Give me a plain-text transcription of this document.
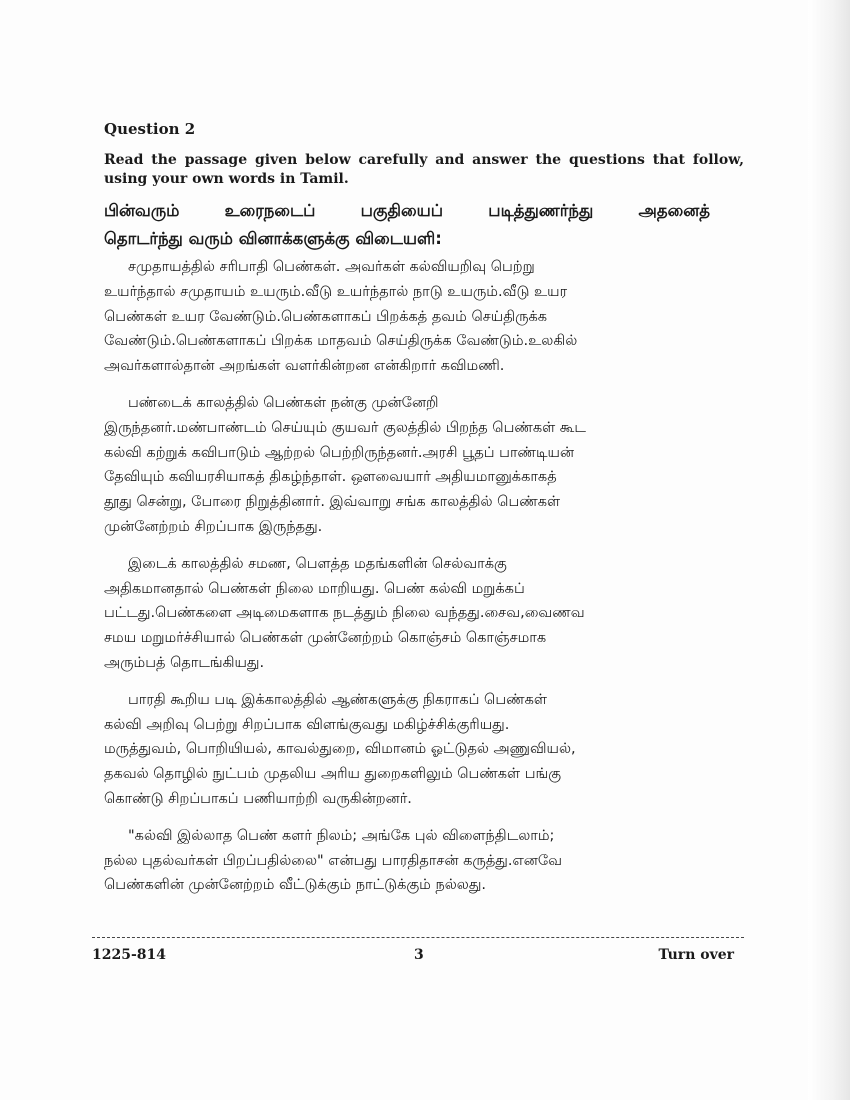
Question 2
Read the passage given below carefully and answer the questions that follow, using your own words in Tamil.
பின்வரும்	உரைநடைப்	பகுதியைப்	படித்துணர்ந்து	அதனைத்
தொடர்ந்து வரும் வினாக்களுக்கு விடையளி:
சமுதாயத்தில் சரிபாதி பெண்கள். அவர்கள் கல்வியறிவு பெற்று
உயர்ந்தால் சமுதாயம் உயரும்.வீடு உயர்ந்தால் நாடு உயரும்.வீடு உயர
பெண்கள் உயர வேண்டும்.பெண்களாகப் பிறக்கத் தவம் செய்திருக்க
வேண்டும்.பெண்களாகப் பிறக்க மாதவம் செய்திருக்க வேண்டும்.உலகில்
அவர்களால்தான் அறங்கள் வளர்கின்றன என்கிறார் கவிமணி.
பண்டைக் காலத்தில் பெண்கள் நன்கு முன்னேறி
இருந்தனர்.மண்பாண்டம் செய்யும் குயவர் குலத்தில் பிறந்த பெண்கள் கூட
கல்வி கற்றுக் கவிபாடும் ஆற்றல் பெற்றிருந்தனர்.அரசி பூதப் பாண்டியன்
தேவியும் கவியரசியாகத் திகழ்ந்தாள். ஔவையார் அதியமானுக்காகத்
தூது சென்று, போரை நிறுத்தினார். இவ்வாறு சங்க காலத்தில் பெண்கள்
முன்னேற்றம் சிறப்பாக இருந்தது.
இடைக் காலத்தில் சமண, பௌத்த மதங்களின் செல்வாக்கு
அதிகமானதால் பெண்கள் நிலை மாறியது. பெண் கல்வி மறுக்கப்
பட்டது.பெண்களை அடிமைகளாக நடத்தும் நிலை வந்தது.சைவ,வைணவ
சமய மறுமர்ச்சியால் பெண்கள் முன்னேற்றம் கொஞ்சம் கொஞ்சமாக
அரும்பத் தொடங்கியது.
பாரதி கூறிய படி இக்காலத்தில் ஆண்களுக்கு நிகராகப் பெண்கள்
கல்வி அறிவு பெற்று சிறப்பாக விளங்குவது மகிழ்ச்சிக்குரியது.
மருத்துவம், பொறியியல், காவல்துறை, விமானம் ஓட்டுதல் அணுவியல்,
தகவல் தொழில் நுட்பம் முதலிய அரிய துறைகளிலும் பெண்கள் பங்கு
கொண்டு சிறப்பாகப் பணியாற்றி வருகின்றனர்.
"கல்வி இல்லாத பெண் களர் நிலம்; அங்கே புல் விளைந்திடலாம்;
நல்ல புதல்வர்கள் பிறப்பதில்லை" என்பது பாரதிதாசன் கருத்து.எனவே
பெண்களின் முன்னேற்றம் வீட்டுக்கும் நாட்டுக்கும் நல்லது.
1225-814	3	Turn over
